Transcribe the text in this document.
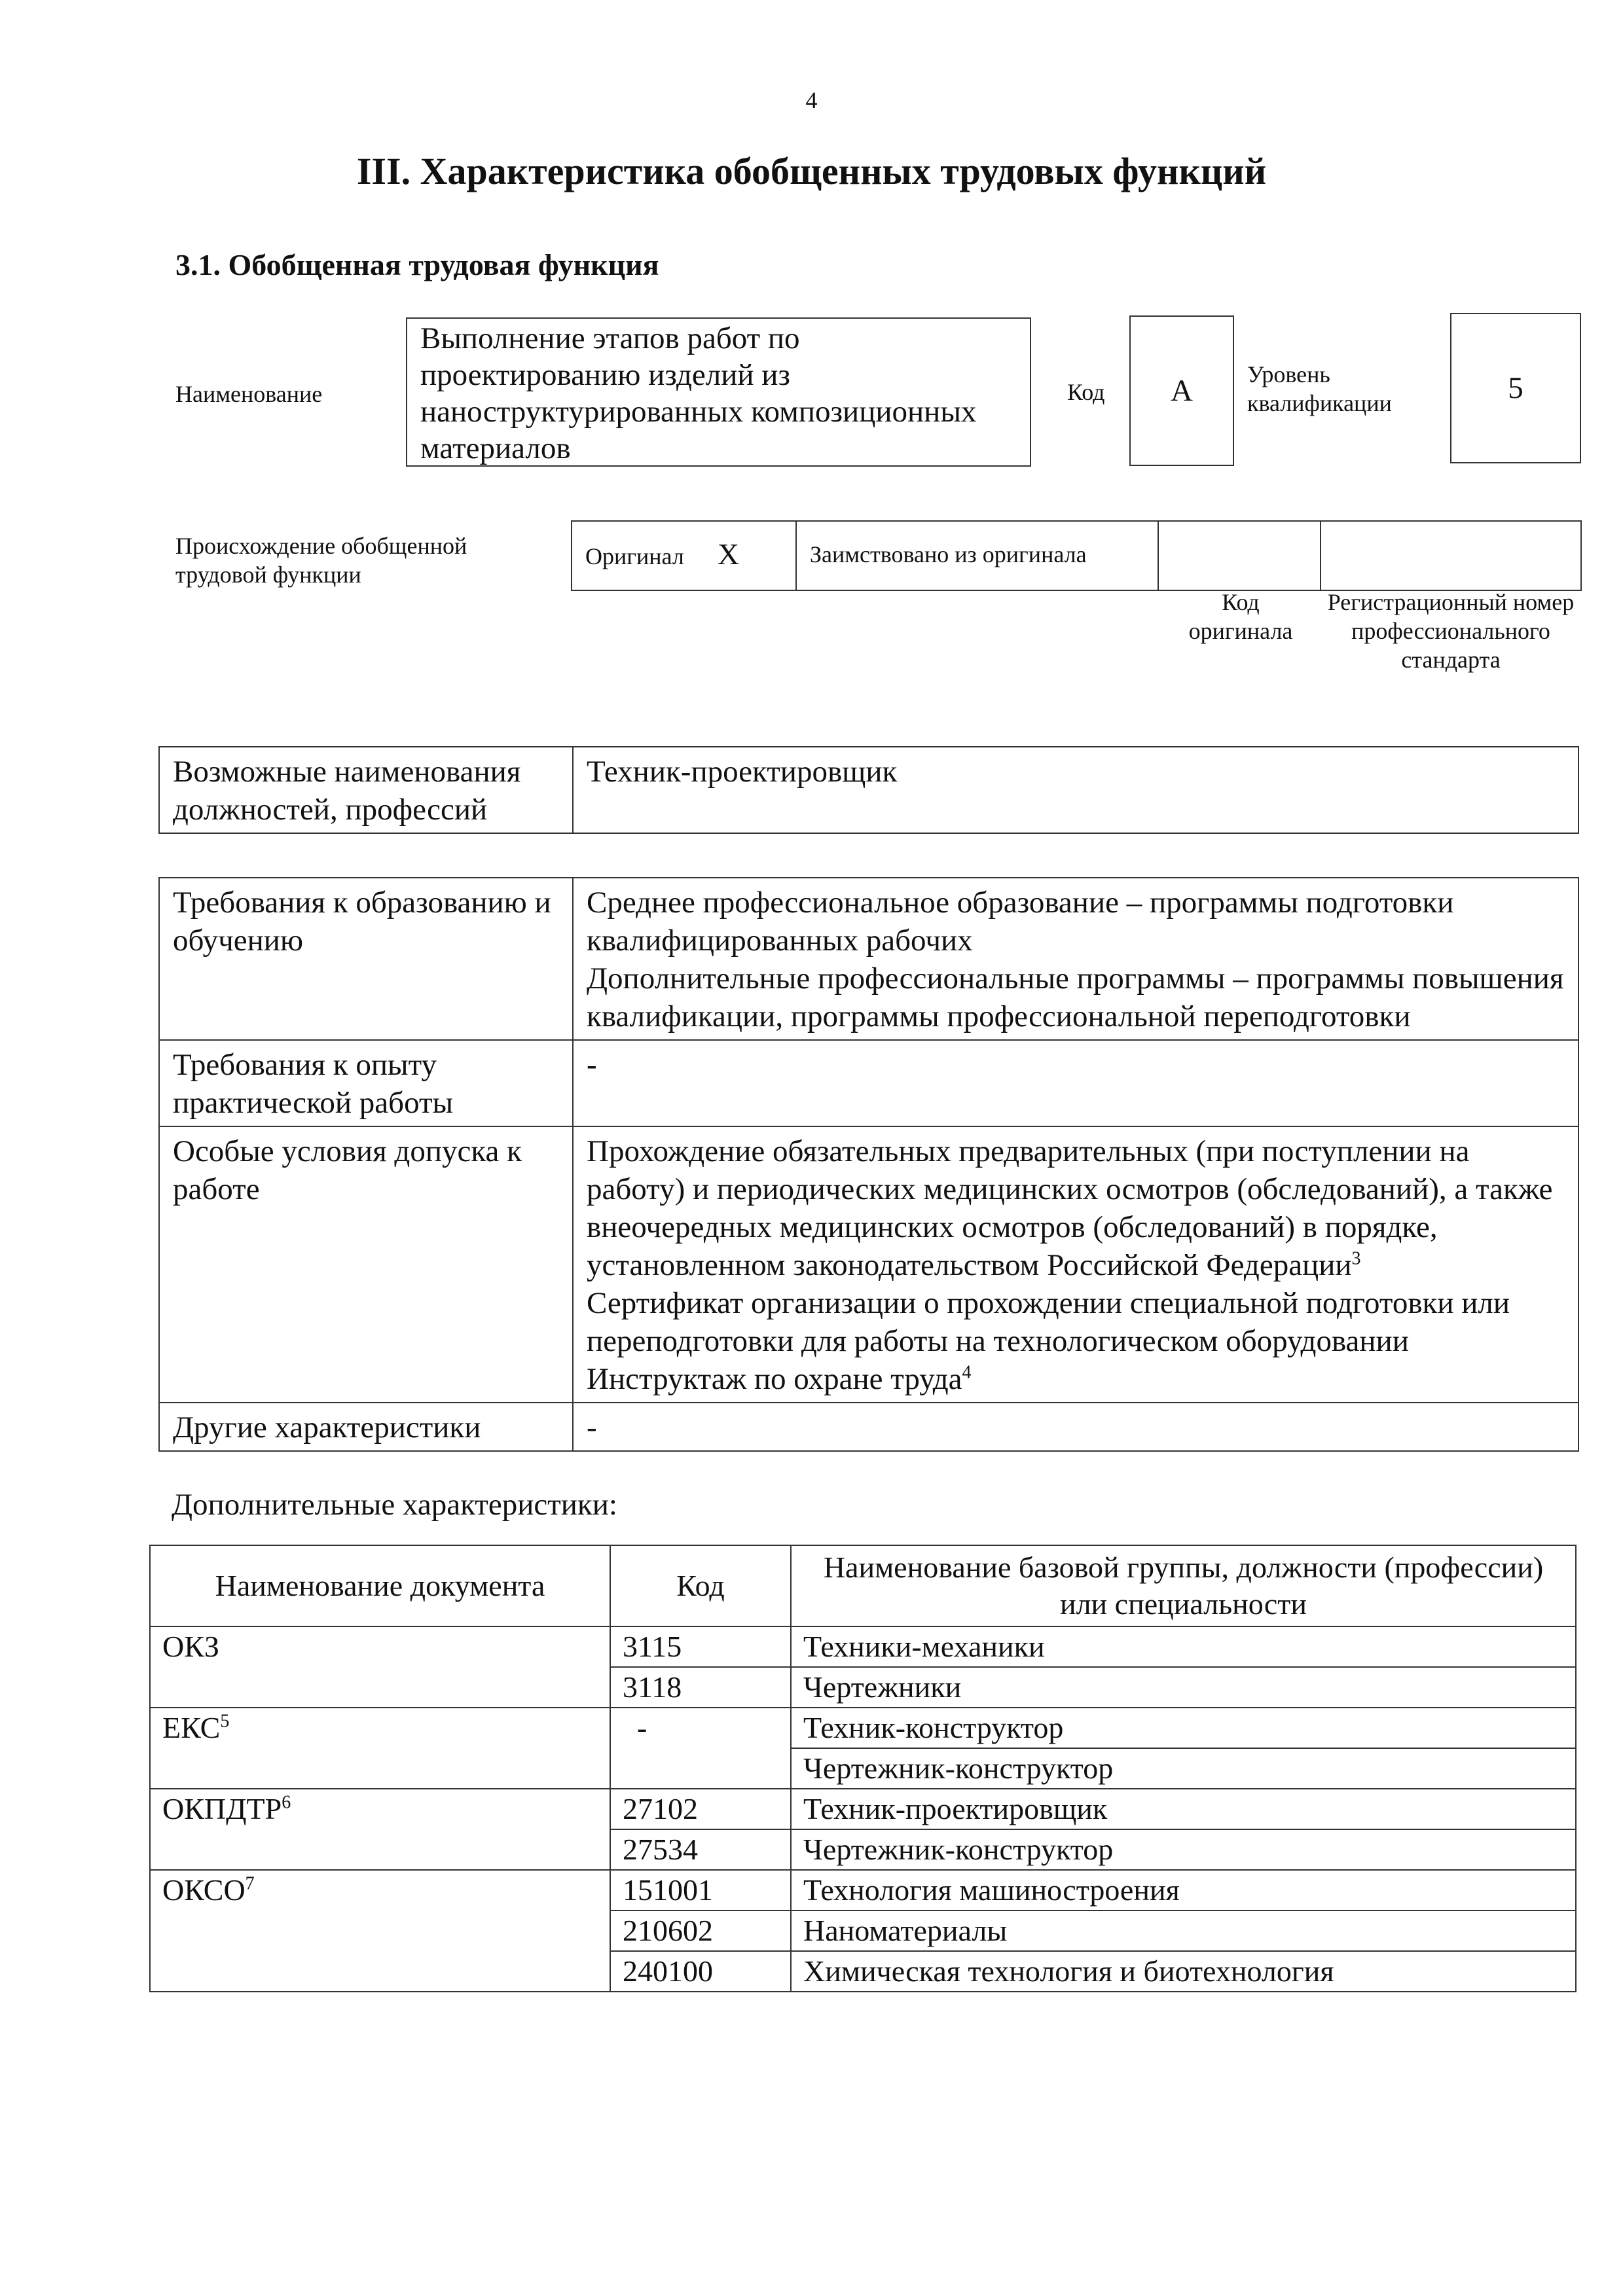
4
III. Характеристика обобщенных трудовых функций
3.1. Обобщенная трудовая функция
Наименование
Выполнение этапов работ по проектированию изделий из наноструктурированных композиционных материалов
Код А Уровень квалификации	5
Происхождение обобщенной трудовой функции
Оригинал X	Заимствовано из оригинала
Код оригинала
Регистрационный номер профессионального стандарта
Возможные наименования должностей, профессий	Техник-проектировщик
Требования к образованию и обучению	Среднее профессиональное образование – программы подготовки квалифицированных рабочих
Дополнительные профессиональные программы – программы повышения квалификации, программы профессиональной переподготовки

Требования к опыту практической работы	-

Особые условия допуска к работе	Прохождение обязательных предварительных (при поступлении на работу) и периодических медицинских осмотров (обследований), а также внеочередных медицинских осмотров (обследований) в порядке, установленном законодательством Российской Федерации$^3$
Сертификат организации о прохождении специальной подготовки или переподготовки для работы на технологическом оборудовании
Инструктаж по охране труда$^4$

Другие характеристики	-
Дополнительные характеристики:
Наименование документа	Код	Наименование базовой группы, должности (профессии) или специальности
ОКЗ	3115	Техники-механики
	3118	Чертежники
ЕКС$^5$	-	Техник-конструктор
		Чертежник-конструктор
ОКПДТР$^6$	27102	Техник-проектировщик
	27534	Чертежник-конструктор
ОКСО$^7$	151001	Технология машиностроения
	210602	Наноматериалы
	240100	Химическая технология и биотехнология
